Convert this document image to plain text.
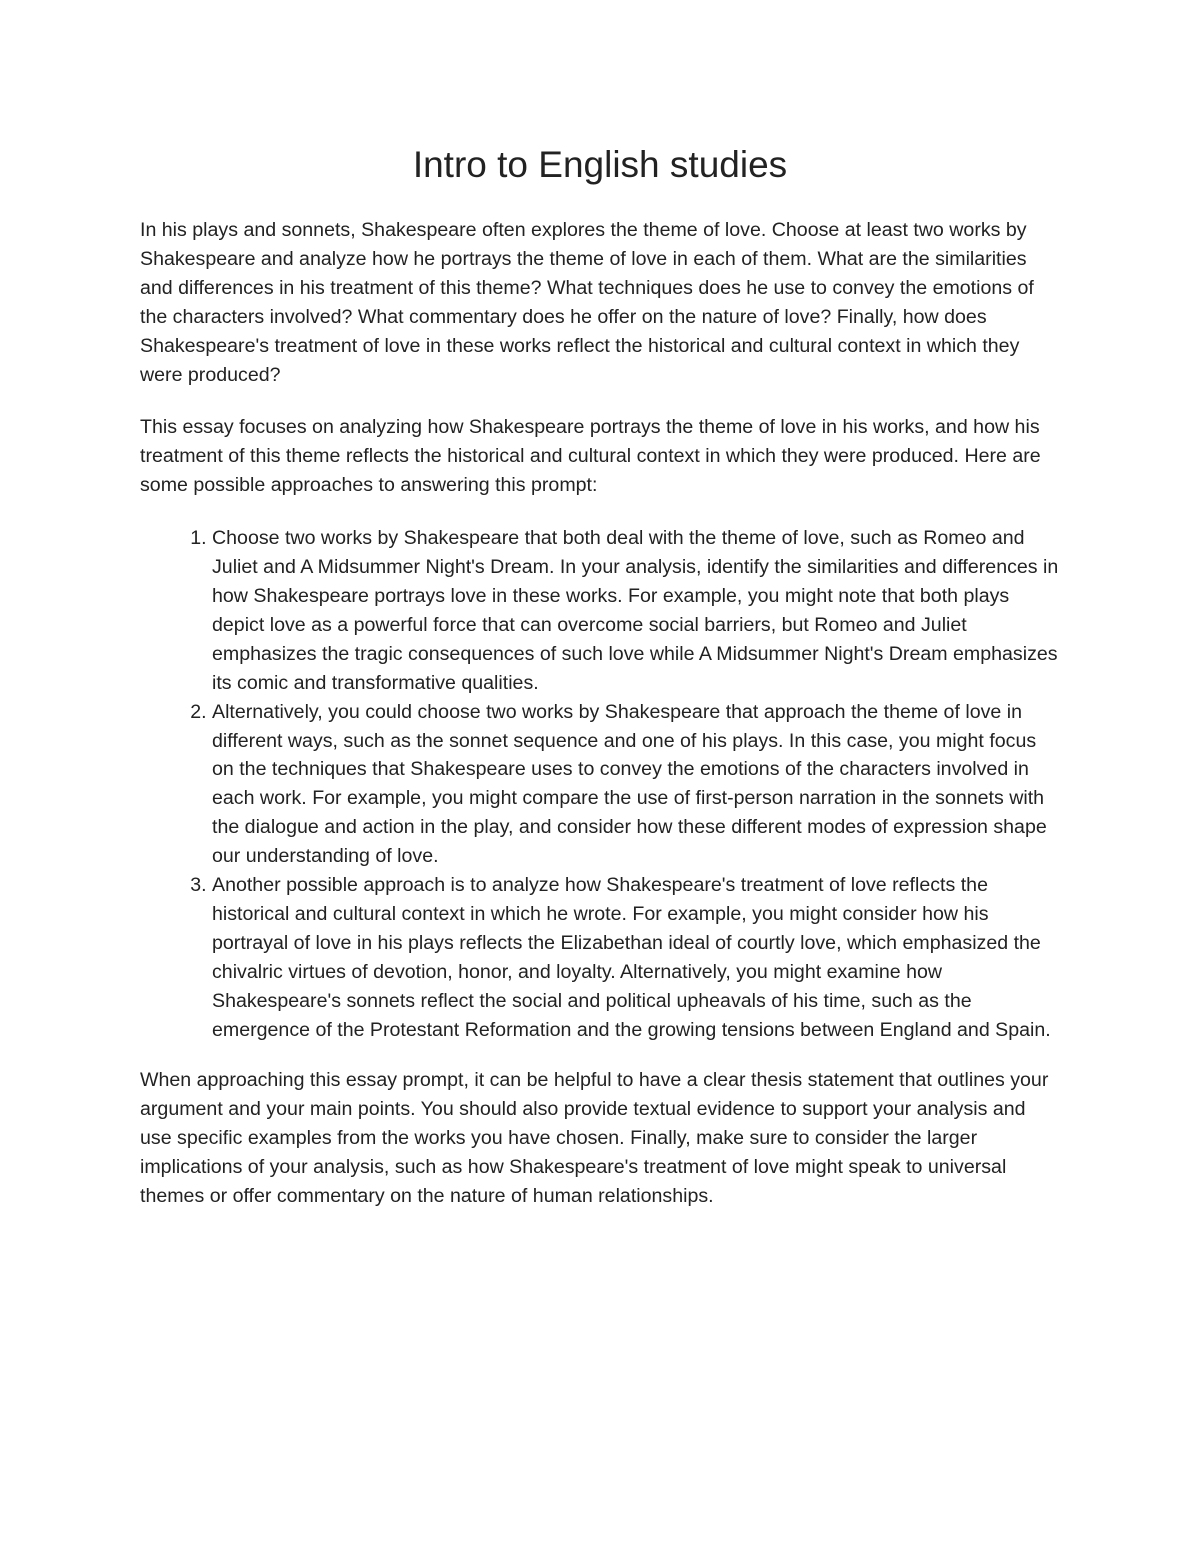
Intro to English studies

In his plays and sonnets, Shakespeare often explores the theme of love. Choose at least two works by Shakespeare and analyze how he portrays the theme of love in each of them. What are the similarities and differences in his treatment of this theme? What techniques does he use to convey the emotions of the characters involved? What commentary does he offer on the nature of love? Finally, how does Shakespeare's treatment of love in these works reflect the historical and cultural context in which they were produced?

This essay focuses on analyzing how Shakespeare portrays the theme of love in his works, and how his treatment of this theme reflects the historical and cultural context in which they were produced. Here are some possible approaches to answering this prompt:

1. Choose two works by Shakespeare that both deal with the theme of love, such as Romeo and Juliet and A Midsummer Night's Dream. In your analysis, identify the similarities and differences in how Shakespeare portrays love in these works. For example, you might note that both plays depict love as a powerful force that can overcome social barriers, but Romeo and Juliet emphasizes the tragic consequences of such love while A Midsummer Night's Dream emphasizes its comic and transformative qualities.
2. Alternatively, you could choose two works by Shakespeare that approach the theme of love in different ways, such as the sonnet sequence and one of his plays. In this case, you might focus on the techniques that Shakespeare uses to convey the emotions of the characters involved in each work. For example, you might compare the use of first-person narration in the sonnets with the dialogue and action in the play, and consider how these different modes of expression shape our understanding of love.
3. Another possible approach is to analyze how Shakespeare's treatment of love reflects the historical and cultural context in which he wrote. For example, you might consider how his portrayal of love in his plays reflects the Elizabethan ideal of courtly love, which emphasized the chivalric virtues of devotion, honor, and loyalty. Alternatively, you might examine how Shakespeare's sonnets reflect the social and political upheavals of his time, such as the emergence of the Protestant Reformation and the growing tensions between England and Spain.

When approaching this essay prompt, it can be helpful to have a clear thesis statement that outlines your argument and your main points. You should also provide textual evidence to support your analysis and use specific examples from the works you have chosen. Finally, make sure to consider the larger implications of your analysis, such as how Shakespeare's treatment of love might speak to universal themes or offer commentary on the nature of human relationships.
